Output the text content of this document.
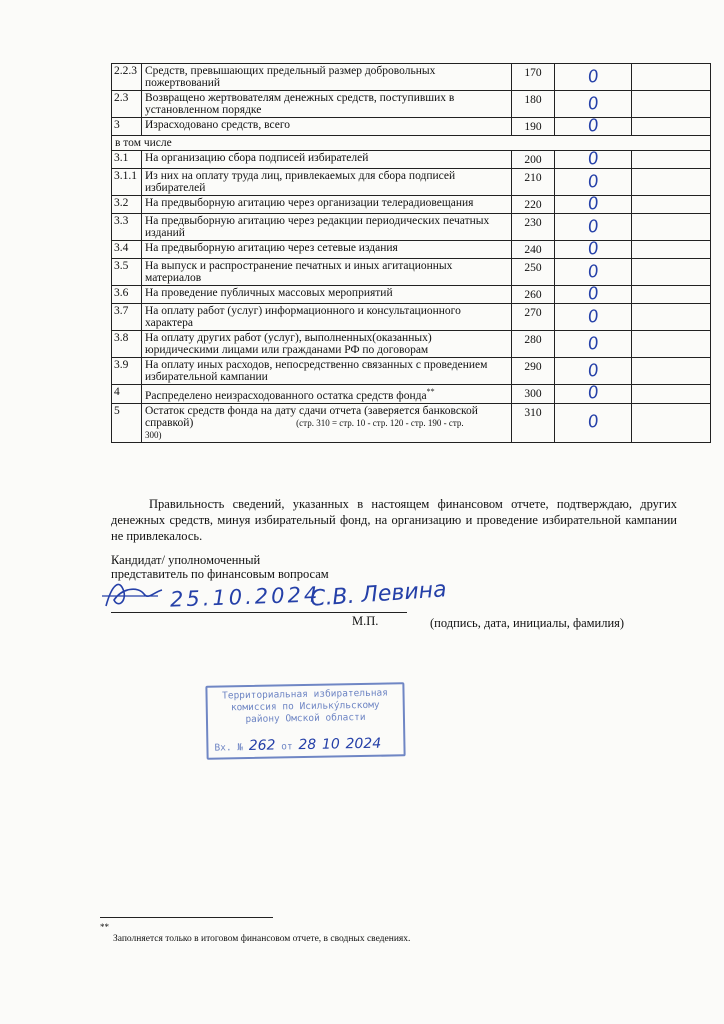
2.2.3	Средств, превышающих предельный размер добровольных пожертвований	170	0	
2.3	Возвращено жертвователям денежных средств, поступивших в установленном порядке	180	0	
3	Израсходовано средств, всего	190	0	
в том числе				
3.1	На организацию сбора подписей избирателей	200	0	
3.1.1	Из них на оплату труда лиц, привлекаемых для сбора подписей избирателей	210	0	
3.2	На предвыборную агитацию через организации телерадиовещания	220	0	
3.3	На предвыборную агитацию через редакции периодических печатных изданий	230	0	
3.4	На предвыборную агитацию через сетевые издания	240	0	
3.5	На выпуск и распространение печатных и иных агитационных материалов	250	0	
3.6	На проведение публичных массовых мероприятий	260	0	
3.7	На оплату работ (услуг) информационного и консультационного характера	270	0	
3.8	На оплату других работ (услуг), выполненных(оказанных) юридическими лицами или гражданами РФ по договорам	280	0	
3.9	На оплату иных расходов, непосредственно связанных с проведением избирательной кампании	290	0	
4	Распределено неизрасходованного остатка средств фонда**	300	0	
5	Остаток средств фонда на дату сдачи отчета (заверяется банковской справкой) (стр. 310 = стр. 10 - стр. 120 - стр. 190 - стр.
300)	310	0	

Правильность сведений, указанных в настоящем финансовом отчете, подтверждаю, других денежных средств, минуя избирательный фонд, на организацию и проведение избирательной кампании не привлекалось.

Кандидат/ уполномоченный
представитель по финансовым вопросам
25.10.2024
С.В. Левина
М.П.	(подпись, дата, инициалы, фамилия)
Территориальная избирательная
комиссия по Исильку́льскому
району Омской области
Вх. № 262 от 28 10 2024
**
Заполняется только в итоговом финансовом отчете, в сводных сведениях.
